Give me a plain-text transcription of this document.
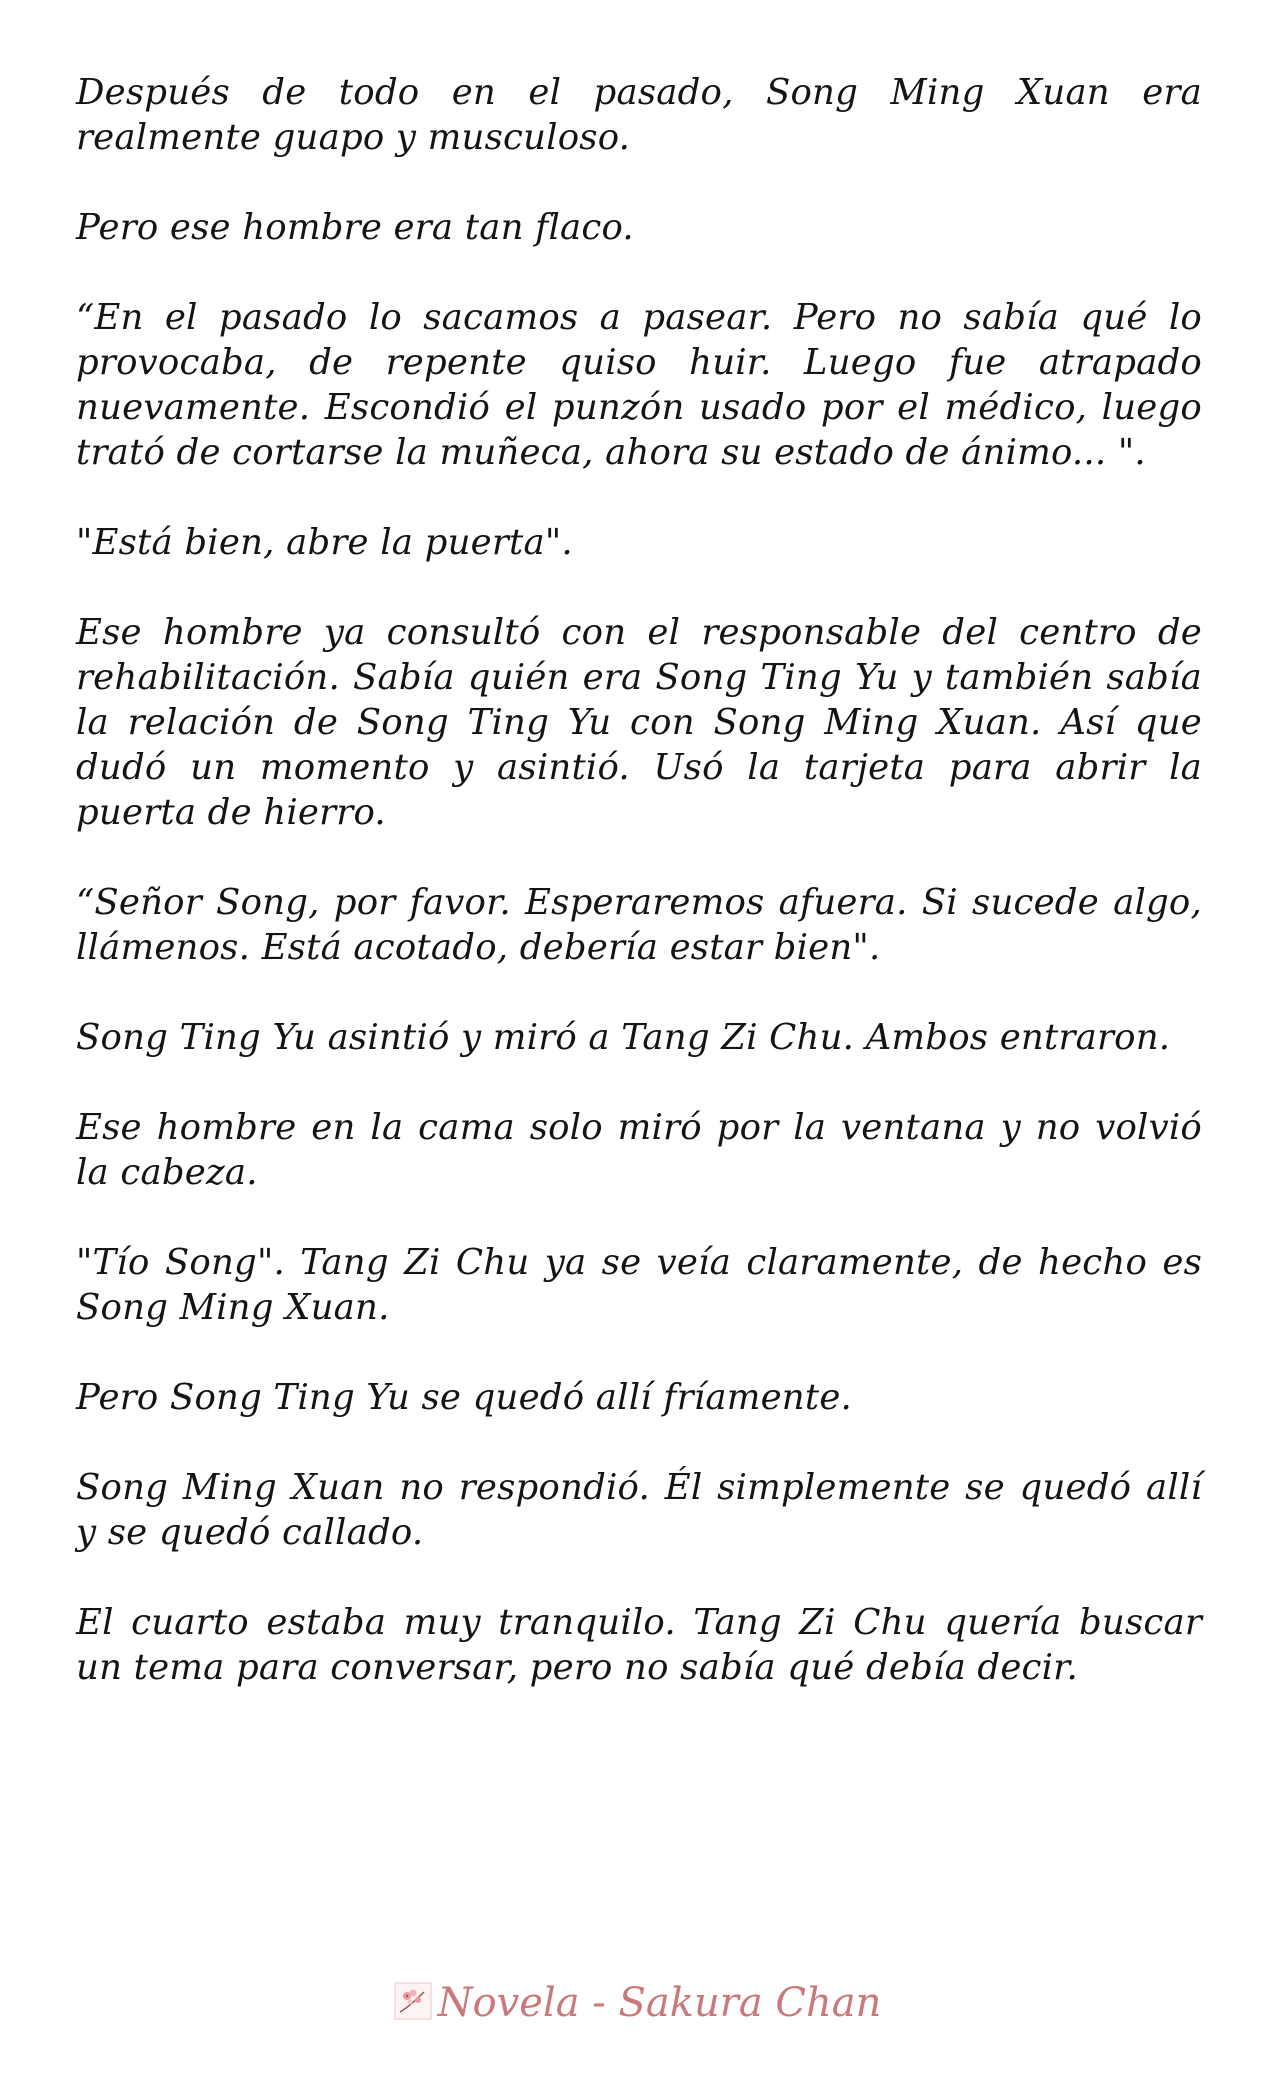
Después de todo en el pasado, Song Ming Xuan era realmente guapo y musculoso.

Pero ese hombre era tan flaco.

“En el pasado lo sacamos a pasear. Pero no sabía qué lo provocaba, de repente quiso huir. Luego fue atrapado nuevamente. Escondió el punzón usado por el médico, luego trató de cortarse la muñeca, ahora su estado de ánimo... ".

"Está bien, abre la puerta".

Ese hombre ya consultó con el responsable del centro de rehabilitación. Sabía quién era Song Ting Yu y también sabía la relación de Song Ting Yu con Song Ming Xuan. Así que dudó un momento y asintió. Usó la tarjeta para abrir la puerta de hierro.

“Señor Song, por favor. Esperaremos afuera. Si sucede algo, llámenos. Está acotado, debería estar bien".

Song Ting Yu asintió y miró a Tang Zi Chu. Ambos entraron.

Ese hombre en la cama solo miró por la ventana y no volvió la cabeza.

"Tío Song". Tang Zi Chu ya se veía claramente, de hecho es Song Ming Xuan.

Pero Song Ting Yu se quedó allí fríamente.

Song Ming Xuan no respondió. Él simplemente se quedó allí y se quedó callado.

El cuarto estaba muy tranquilo. Tang Zi Chu quería buscar un tema para conversar, pero no sabía qué debía decir.

Novela - Sakura Chan
